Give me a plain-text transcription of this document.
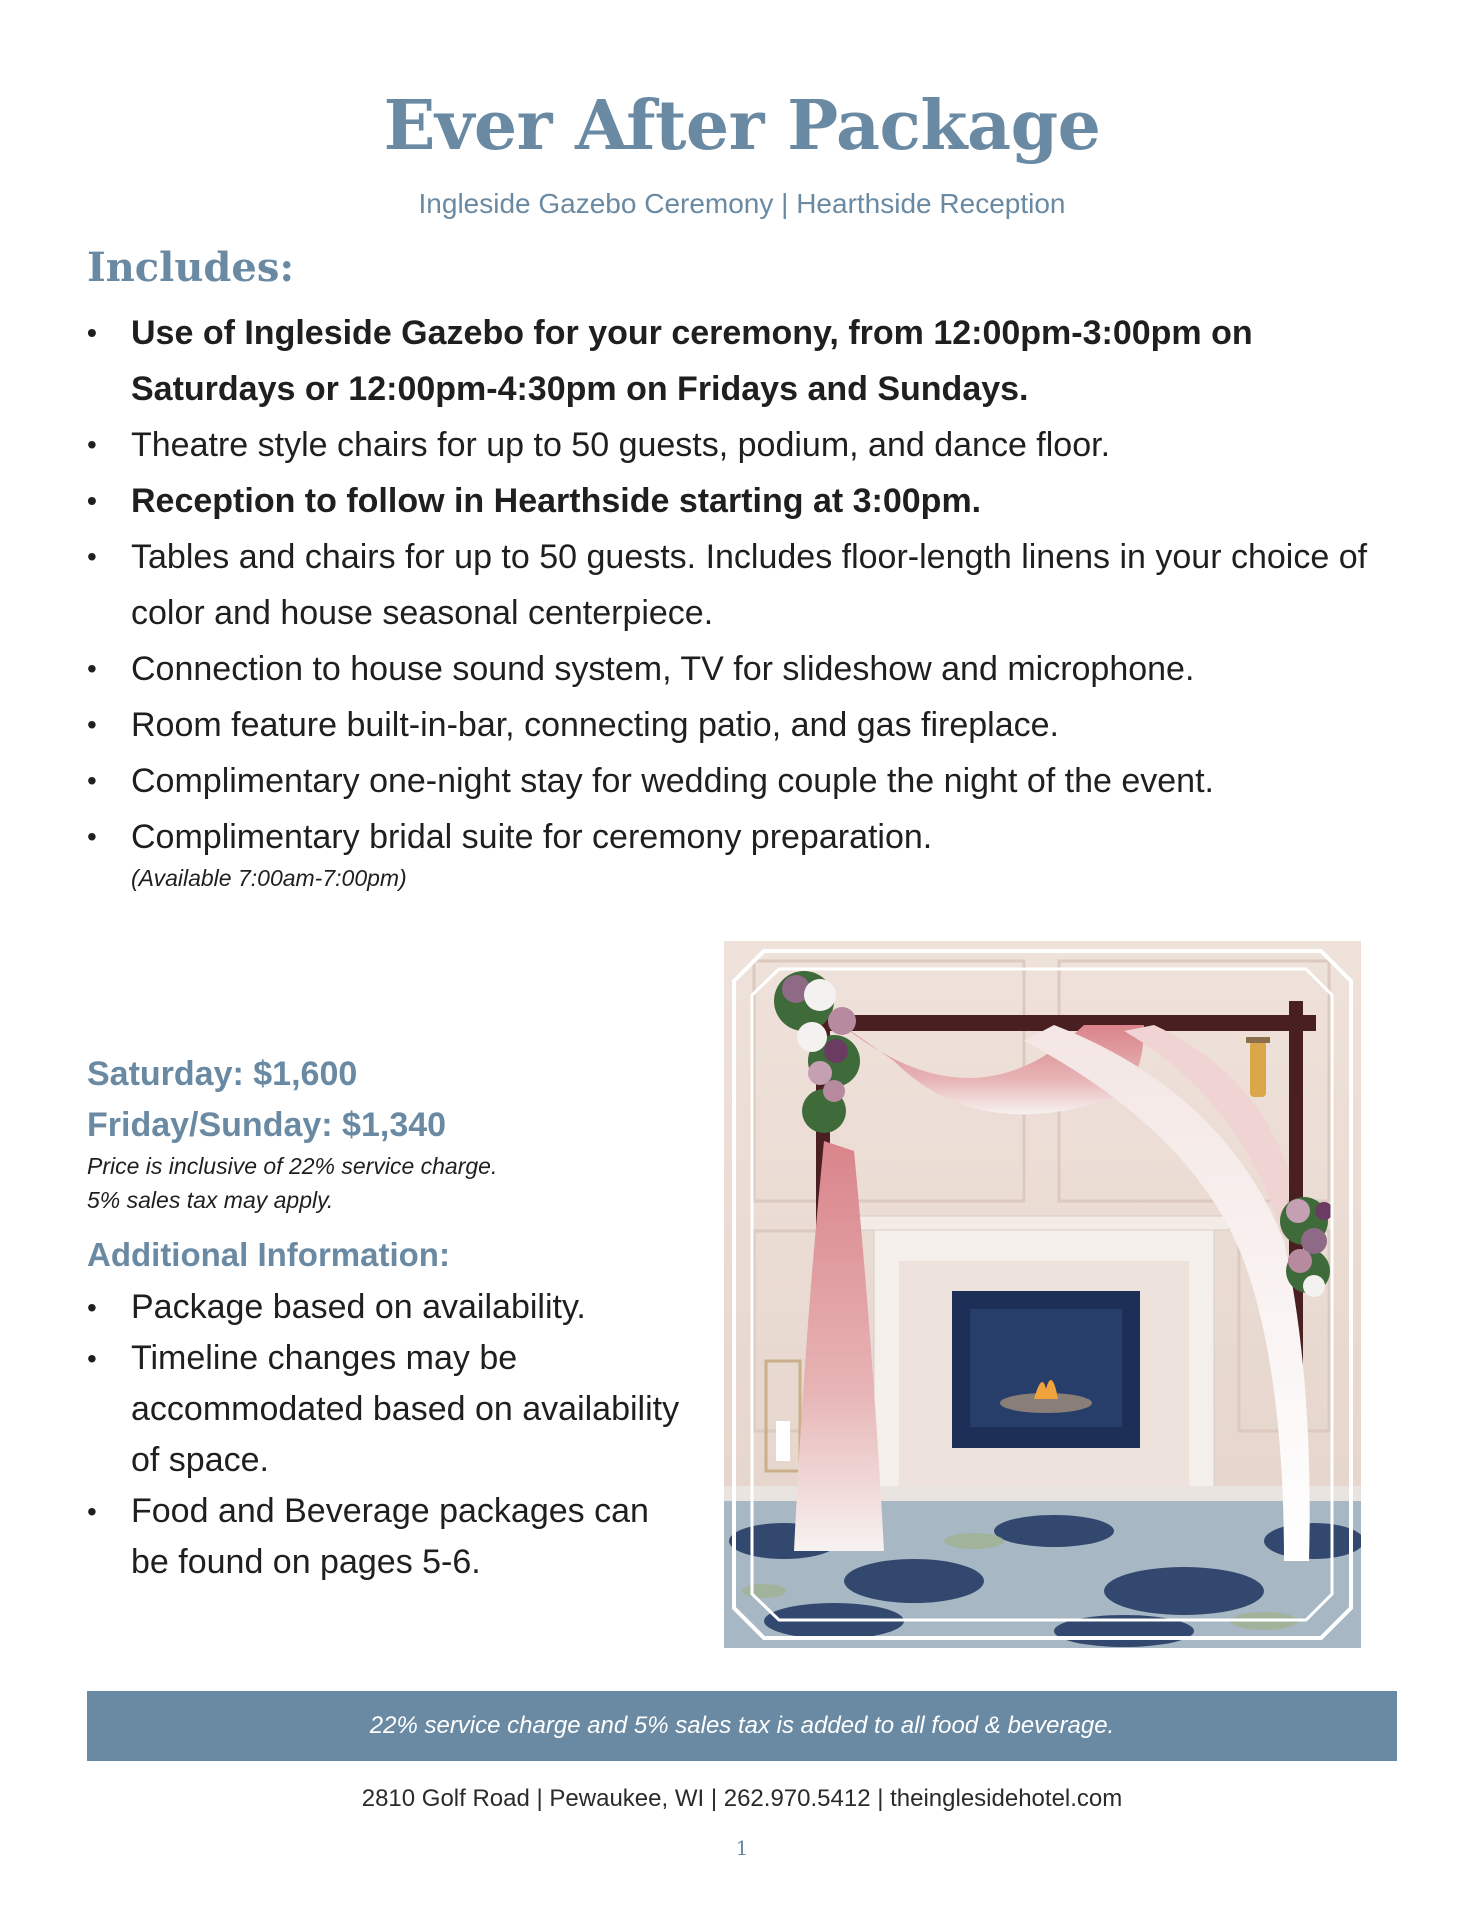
Ever After Package

Ingleside Gazebo Ceremony | Hearthside Reception

Includes:
• Use of Ingleside Gazebo for your ceremony, from 12:00pm-3:00pm on Saturdays or 12:00pm-4:30pm on Fridays and Sundays.
• Theatre style chairs for up to 50 guests, podium, and dance floor.
• Reception to follow in Hearthside starting at 3:00pm.
• Tables and chairs for up to 50 guests. Includes floor-length linens in your choice of color and house seasonal centerpiece.
• Connection to house sound system, TV for slideshow and microphone.
• Room feature built-in-bar, connecting patio, and gas fireplace.
• Complimentary one-night stay for wedding couple the night of the event.
• Complimentary bridal suite for ceremony preparation.
(Available 7:00am-7:00pm)

Saturday: $1,600

Friday/Sunday: $1,340

Price is inclusive of 22% service charge.

5% sales tax may apply.

Additional Information:
• Package based on availability.
• Timeline changes may be accommodated based on availability of space.
• Food and Beverage packages can be found on pages 5-6.
22% service charge and 5% sales tax is added to all food & beverage.

2810 Golf Road | Pewaukee, WI | 262.970.5412 | theinglesidehotel.com

1
